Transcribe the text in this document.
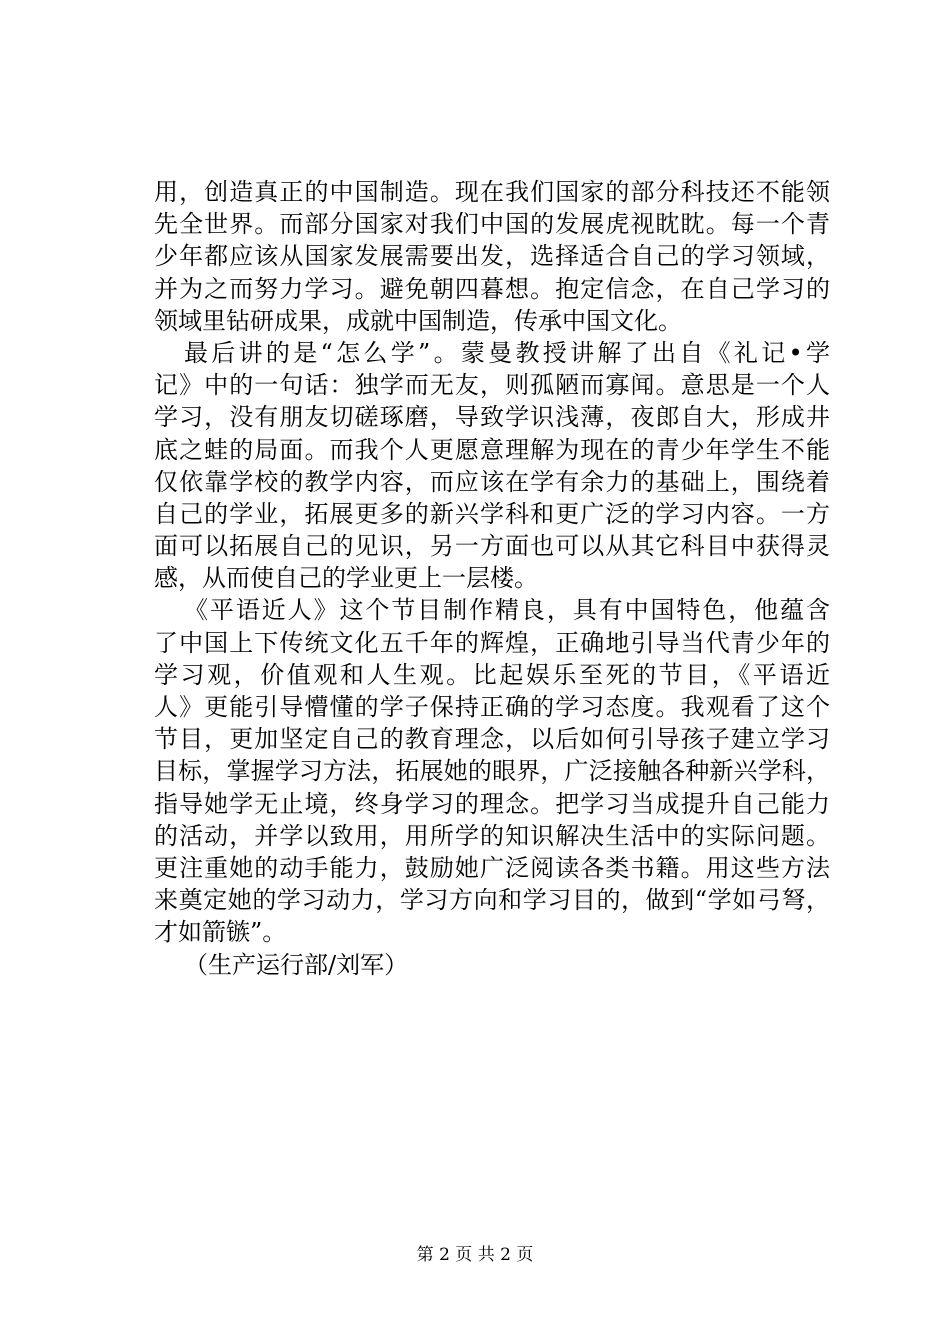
用，创造真正的中国制造。现在我们国家的部分科技还不能领
先全世界。而部分国家对我们中国的发展虎视眈眈。每一个青
少年都应该从国家发展需要出发，选择适合自己的学习领域，
并为之而努力学习。避免朝四暮想。抱定信念，在自己学习的
领域里钻研成果，成就中国制造，传承中国文化。
最后讲的是“怎么学”。蒙曼教授讲解了出自《礼记•学
记》中的一句话：独学而无友，则孤陋而寡闻。意思是一个人
学习，没有朋友切磋琢磨，导致学识浅薄，夜郎自大，形成井
底之蛙的局面。而我个人更愿意理解为现在的青少年学生不能
仅依靠学校的教学内容，而应该在学有余力的基础上，围绕着
自己的学业，拓展更多的新兴学科和更广泛的学习内容。一方
面可以拓展自己的见识，另一方面也可以从其它科目中获得灵
感，从而使自己的学业更上一层楼。
《平语近人》这个节目制作精良，具有中国特色，他蕴含
了中国上下传统文化五千年的辉煌，正确地引导当代青少年的
学习观，价值观和人生观。比起娱乐至死的节目，《平语近
人》更能引导懵懂的学子保持正确的学习态度。我观看了这个
节目，更加坚定自己的教育理念，以后如何引导孩子建立学习
目标，掌握学习方法，拓展她的眼界，广泛接触各种新兴学科，
指导她学无止境，终身学习的理念。把学习当成提升自己能力
的活动，并学以致用，用所学的知识解决生活中的实际问题。
更注重她的动手能力，鼓励她广泛阅读各类书籍。用这些方法
来奠定她的学习动力，学习方向和学习目的，做到“学如弓弩，
才如箭镞”。
（生产运行部/刘军）
第 2 页 共 2 页
